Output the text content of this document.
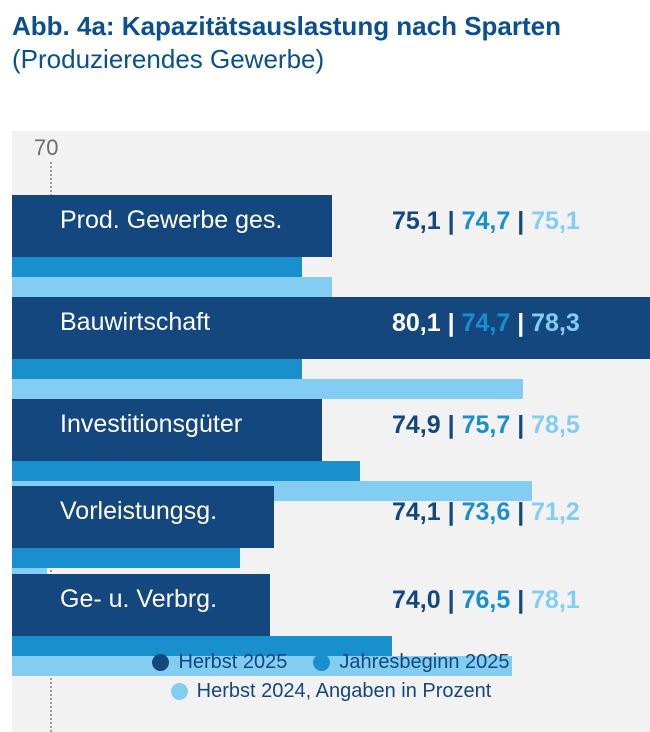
Abb. 4a: Kapazitätsauslastung nach Sparten (Produzierendes Gewerbe)
70
Prod. Gewerbe ges.	75,1 | 74,7 | 75,1
Bauwirtschaft	80,1 | 74,7 | 78,3
Investitionsgüter	74,9 | 75,7 | 78,5
Vorleistungsg.	74,1 | 73,6 | 71,2
Ge- u. Verbrg.	74,0 | 76,5 | 78,1
Herbst 2025	Jahresbeginn 2025
Herbst 2024, Angaben in Prozent
